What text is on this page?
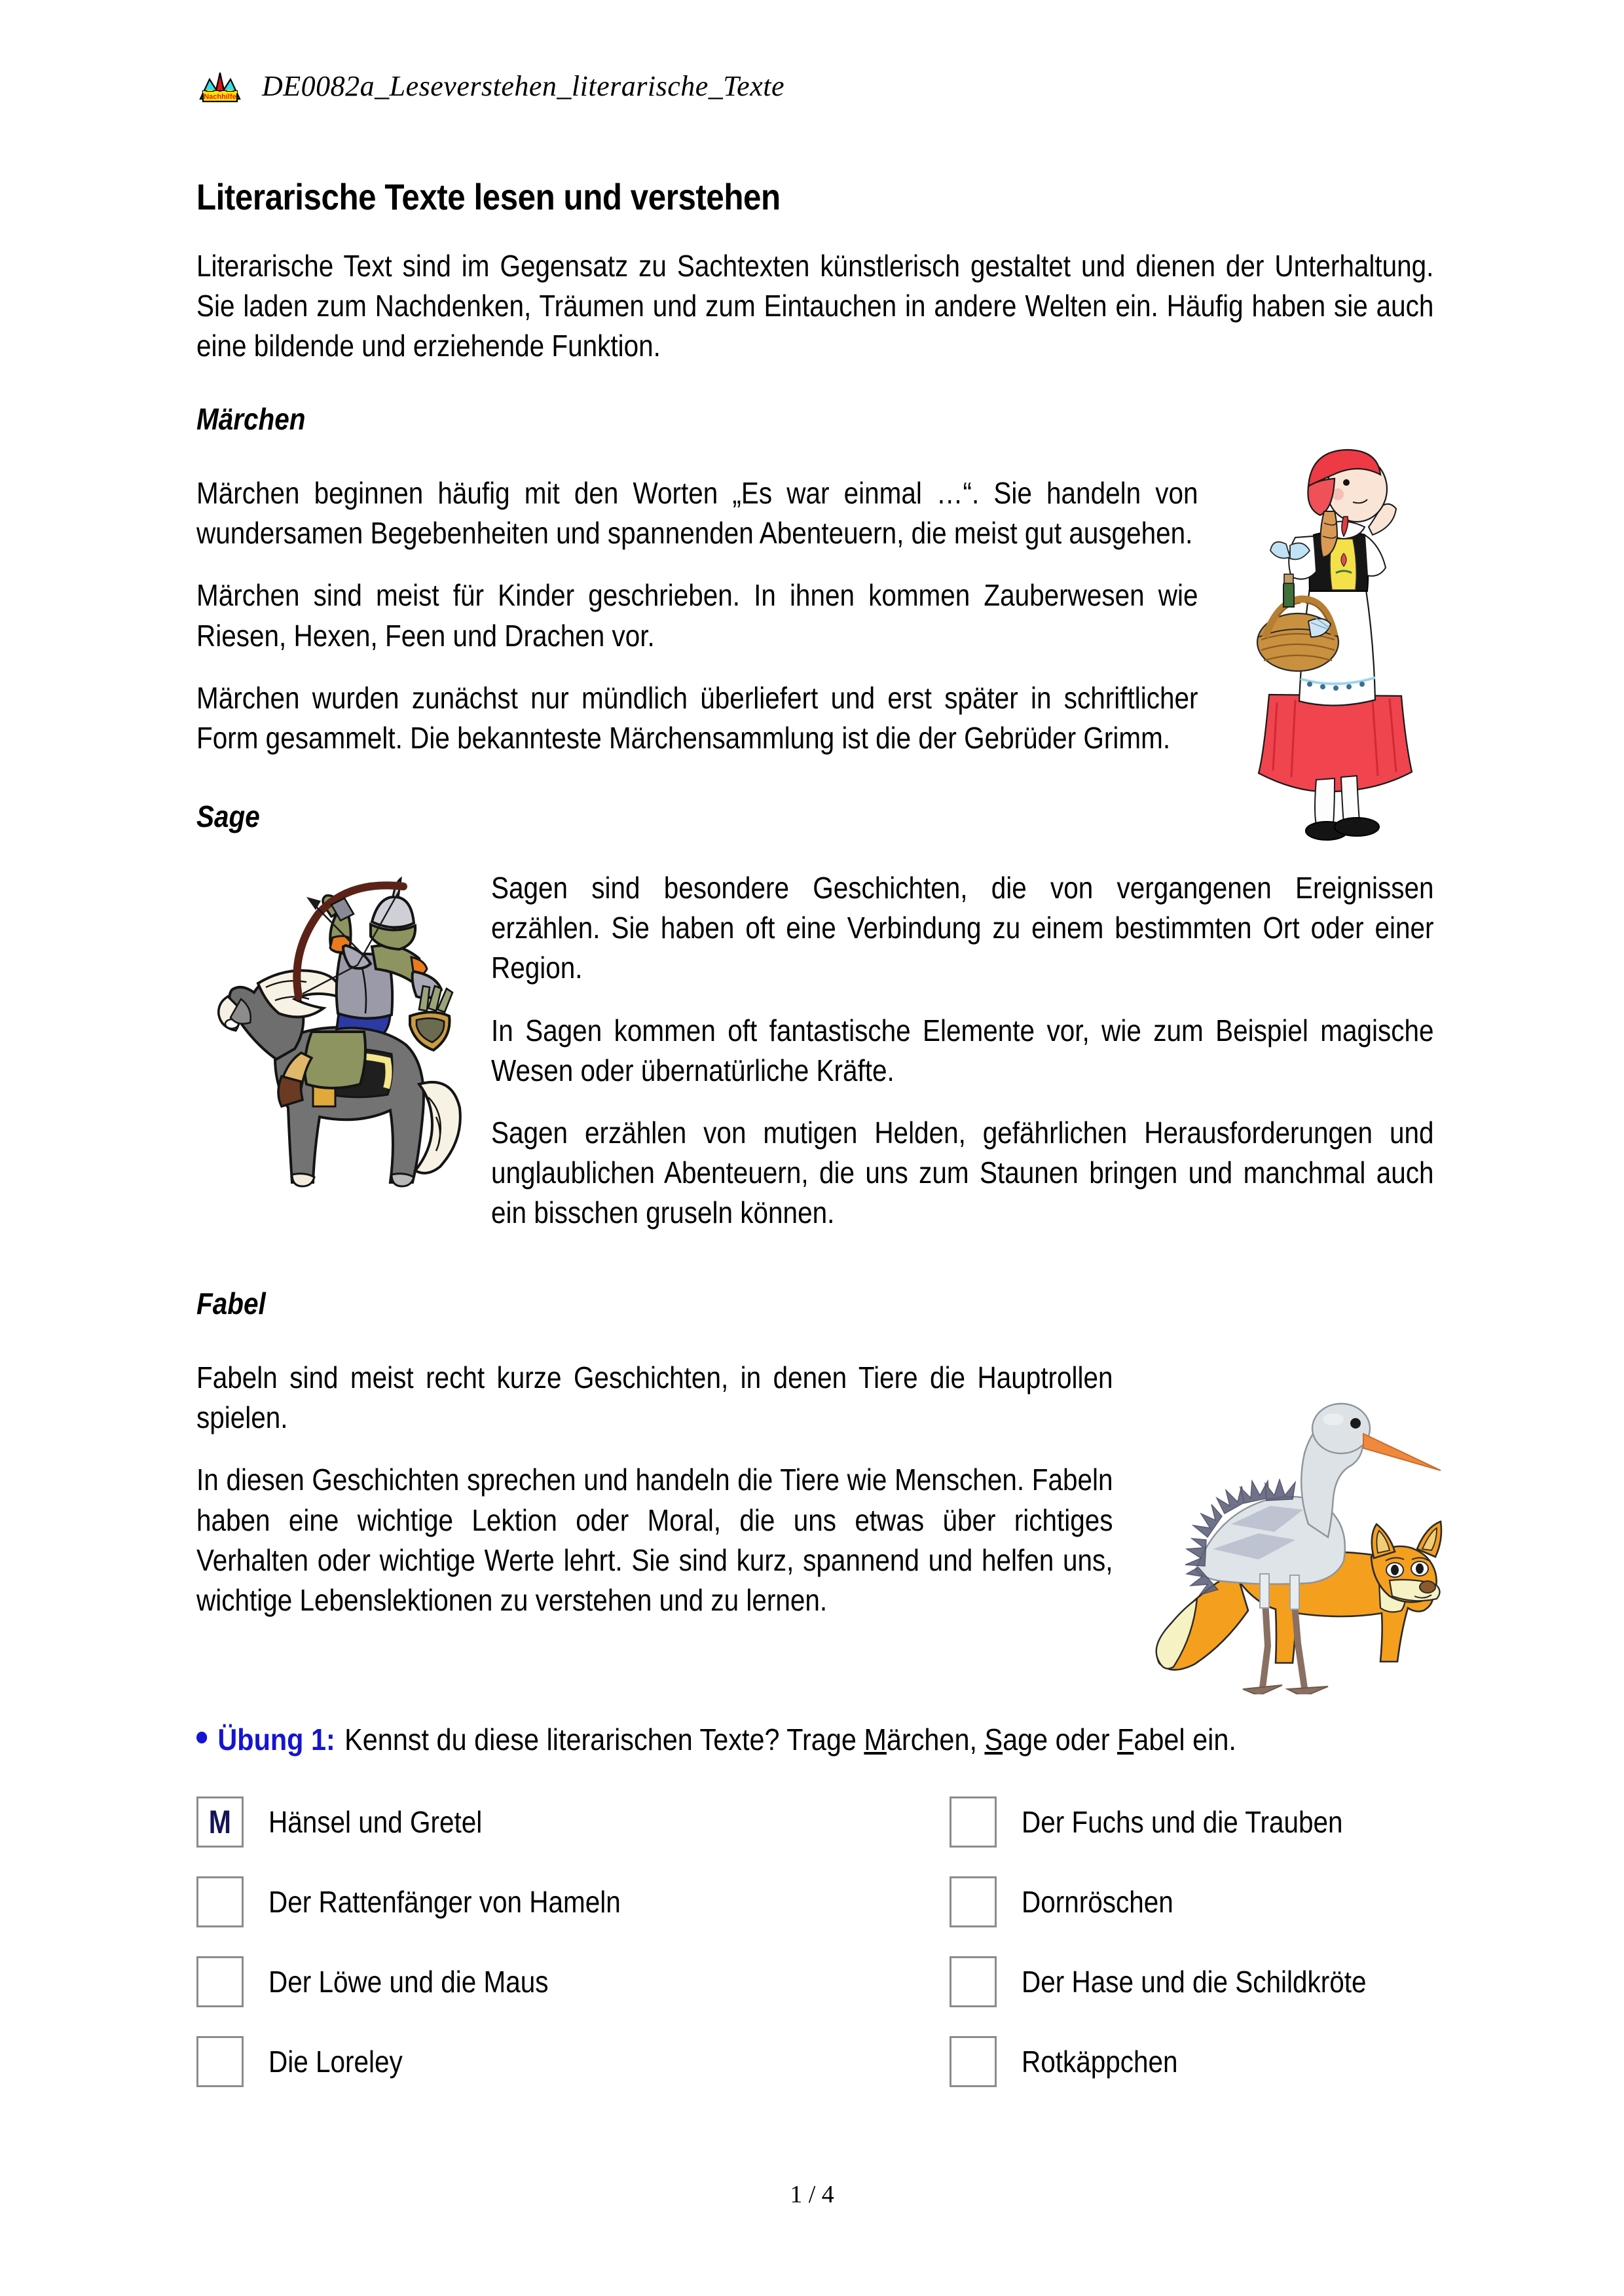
Nachhilfe DE0082a_Leseverstehen_literarische_Texte
Literarische Texte lesen und verstehen

Literarische Text sind im Gegensatz zu Sachtexten künstlerisch gestaltet und dienen der Unterhaltung. Sie laden zum Nachdenken, Träumen und zum Eintauchen in andere Welten ein. Häufig haben sie auch eine bildende und erziehende Funktion.

Märchen

Märchen beginnen häufig mit den Worten „Es war einmal …“. Sie handeln von wundersamen Begebenheiten und spannenden Abenteuern, die meist gut ausgehen.

Märchen sind meist für Kinder geschrieben. In ihnen kommen Zauberwesen wie Riesen, Hexen, Feen und Drachen vor.

Märchen wurden zunächst nur mündlich überliefert und erst später in schriftlicher Form gesammelt. Die bekannteste Märchensammlung ist die der Gebrüder Grimm.

Sage

Sagen sind besondere Geschichten, die von vergangenen Ereignissen erzählen. Sie haben oft eine Verbindung zu einem bestimmten Ort oder einer Region.

In Sagen kommen oft fantastische Elemente vor, wie zum Beispiel magische Wesen oder übernatürliche Kräfte.

Sagen erzählen von mutigen Helden, gefährlichen Herausforderungen und unglaublichen Abenteuern, die uns zum Staunen bringen und manchmal auch ein bisschen gruseln können.

Fabel

Fabeln sind meist recht kurze Geschichten, in denen Tiere die Hauptrollen spielen.

In diesen Geschichten sprechen und handeln die Tiere wie Menschen. Fabeln haben eine wichtige Lektion oder Moral, die uns etwas über richtiges Verhalten oder wichtige Werte lehrt. Sie sind kurz, spannend und helfen uns, wichtige Lebenslektionen zu verstehen und zu lernen.

Übung 1: Kennst du diese literarischen Texte? Trage Märchen, Sage oder Fabel ein.
M Hänsel und Gretel	Der Fuchs und die Trauben
Der Rattenfänger von Hameln	Dornröschen
Der Löwe und die Maus	Der Hase und die Schildkröte
Die Loreley	Rotkäppchen
1 / 4
